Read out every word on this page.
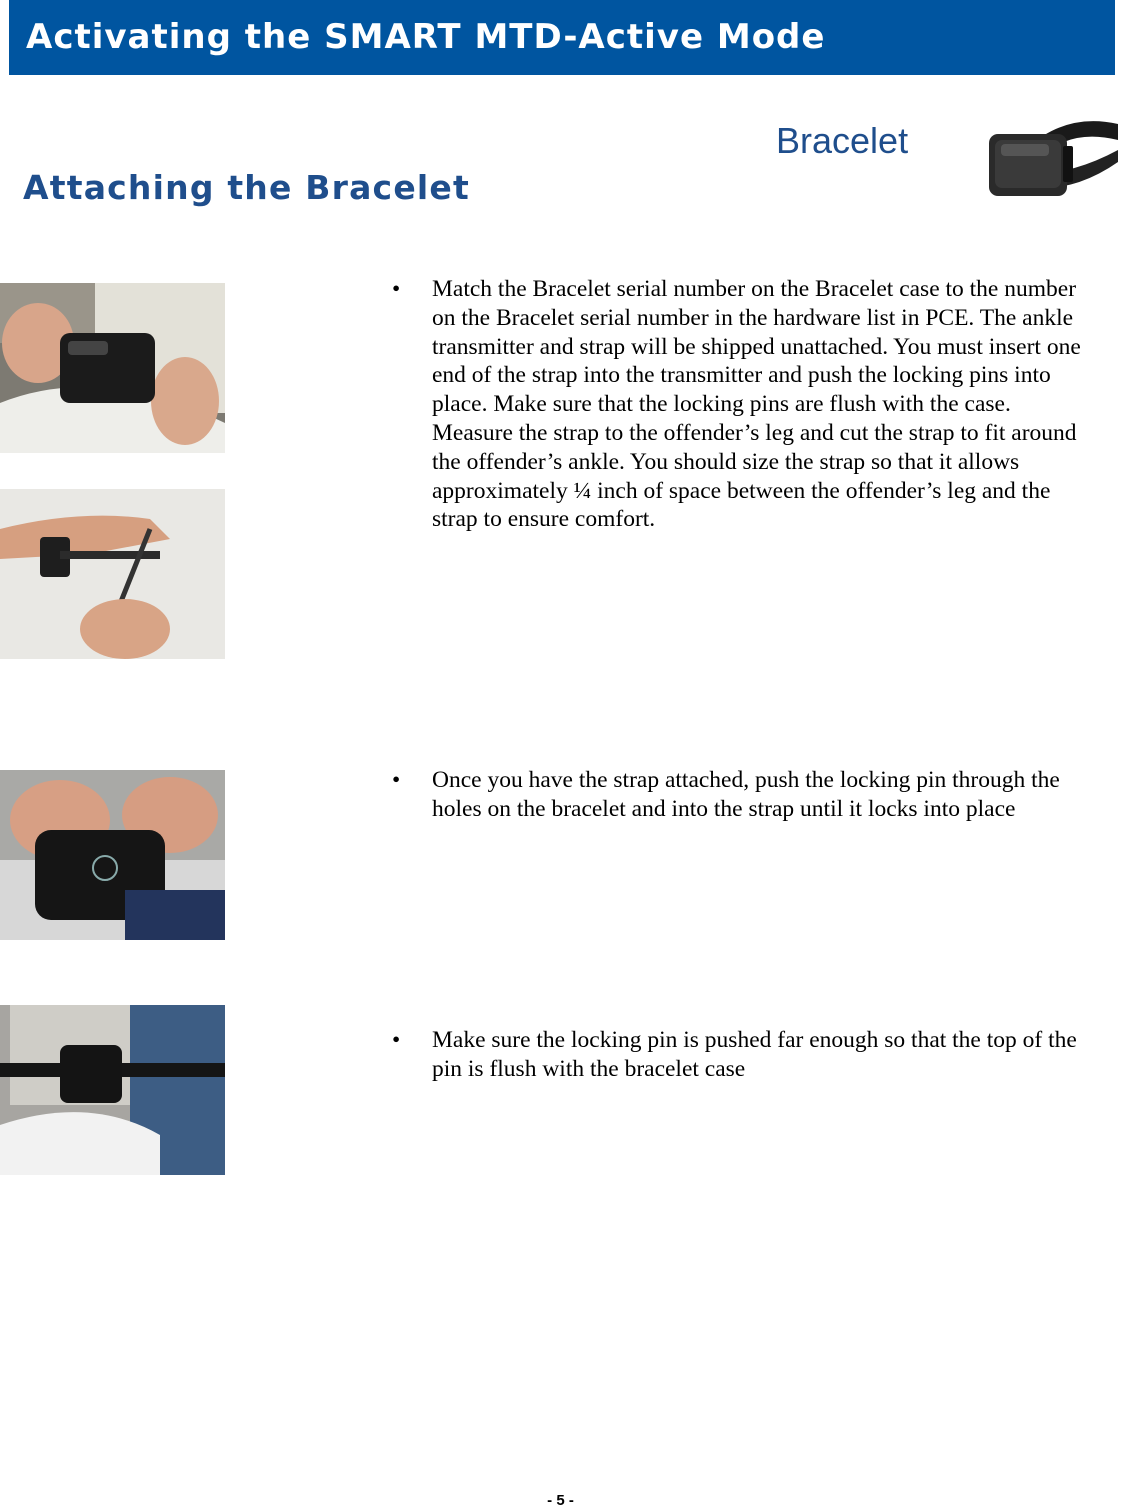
Activating the SMART MTD-Active Mode
Attaching the Bracelet
Bracelet
• Match the Bracelet serial number on the Bracelet case to the number on the Bracelet serial number in the hardware list in PCE. The ankle transmitter and strap will be shipped unattached. You must insert one end of the strap into the transmitter and push the locking pins into place. Make sure that the locking pins are flush with the case. Measure the strap to the offender’s leg and cut the strap to fit around the offender’s ankle. You should size the strap so that it allows approximately ¼ inch of space between the offender’s leg and the strap to ensure comfort.
• Once you have the strap attached, push the locking pin through the holes on the bracelet and into the strap until it locks into place
• Make sure the locking pin is pushed far enough so that the top of the pin is flush with the bracelet case
- 5 -
